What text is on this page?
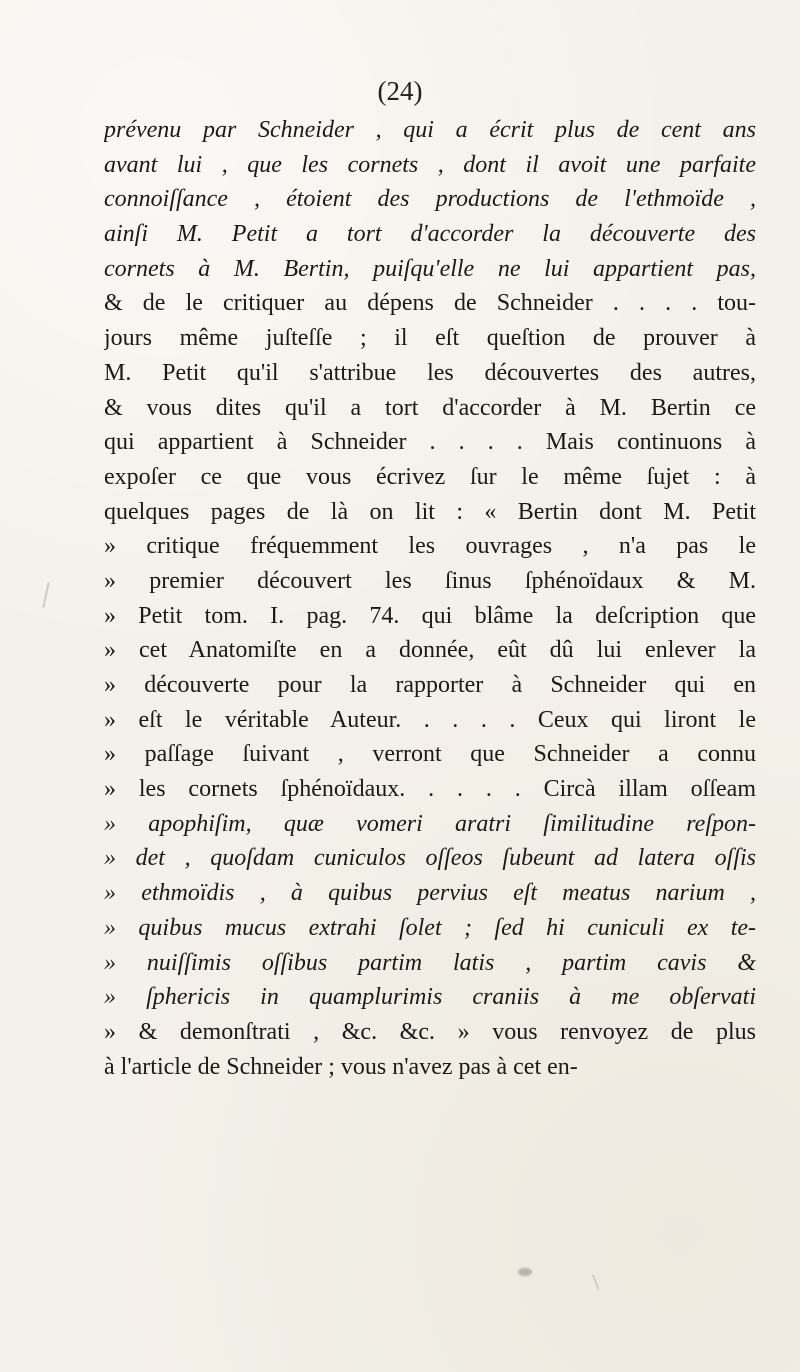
(24)
prévenu par Schneider , qui a écrit plus de cent ans
avant lui , que les cornets , dont il avoit une parfaite
connoiſſance , étoient des productions de l'ethmoïde ,
ainſi M. Petit a tort d'accorder la découverte des
cornets à M. Bertin, puiſqu'elle ne lui appartient pas,
& de le critiquer au dépens de Schneider . . . . tou-
jours même juſteſſe ; il eſt queſtion de prouver à
M. Petit qu'il s'attribue les découvertes des autres,
& vous dites qu'il a tort d'accorder à M. Bertin ce
qui appartient à Schneider . . . . Mais continuons à
expoſer ce que vous écrivez ſur le même ſujet : à
quelques pages de là on lit : « Bertin dont M. Petit
» critique fréquemment les ouvrages , n'a pas le
» premier découvert les ſinus ſphénoïdaux & M.
» Petit tom. I. pag. 74. qui blâme la deſcription que
» cet Anatomiſte en a donnée, eût dû lui enlever la
» découverte pour la rapporter à Schneider qui en
» eſt le véritable Auteur. . . . . Ceux qui liront le
» paſſage ſuivant , verront que Schneider a connu
» les cornets ſphénoïdaux. . . . . Circà illam oſſeam
» apophiſim, quæ vomeri aratri ſimilitudine reſpon-
» det , quoſdam cuniculos oſſeos ſubeunt ad latera oſſis
» ethmoïdis , à quibus pervius eſt meatus narium ,
» quibus mucus extrahi ſolet ; ſed hi cuniculi ex te-
» nuiſſimis oſſibus partim latis , partim cavis &
» ſphericis in quamplurimis craniis à me obſervati
» & demonſtrati , &c. &c. » vous renvoyez de plus
à l'article de Schneider ; vous n'avez pas à cet en-
